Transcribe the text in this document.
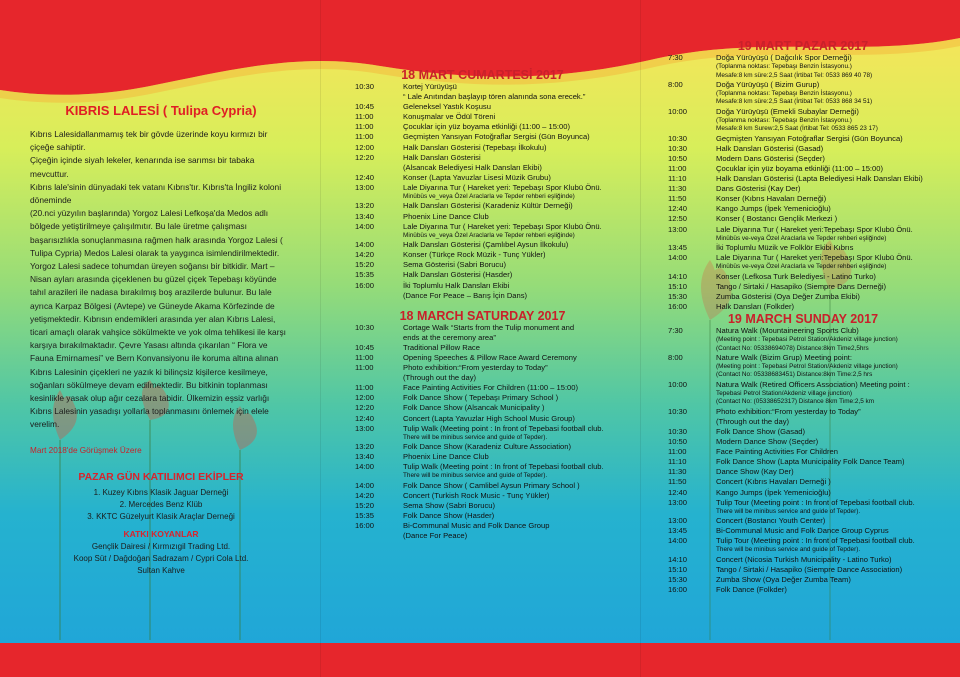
KIBRIS LALESİ ( Tulipa Cypria)

Kıbrıs Lalesidallanmamış tek bir gövde üzerinde koyu kırmızı bir çiçeğe sahiptir.

Çiçeğin içinde siyah lekeler, kenarında ise sarımsı bir tabaka mevcuttur.

Kıbrıs lale'sinin dünyadaki tek vatanı Kıbrıs'tır. Kıbrıs'ta İngiliz koloni döneminde

(20.nci yüzyılın başlarında) Yorgoz Lalesi Lefkoşa'da Medos adlı bölgede yetiştirilmeye çalışılmıtır. Bu lale üretme çalışması başarısızlıkla sonuçlanmasına rağmen halk arasında Yorgoz Lalesi ( Tulipa Cypria) Medos Lalesi olarak ta yaygınca isimlendirilmektedir. Yorgoz Lalesi sadece tohumdan üreyen soğansı bir bitkidir. Mart – Nisan ayları arasında çiçeklenen bu güzel çiçek Tepebaşı köyünde tahıl arazileri ile nadasa bırakılmış boş arazilerde bulunur. Bu lale ayrıca Karpaz Bölgesi (Avtepe) ve Güneyde Akama Körfezinde de yetişmektedir. Kıbrısın endemikleri arasında yer alan Kıbrıs Lalesi, ticari amaçlı olarak vahşice sökülmekte ve yok olma tehlikesi ile karşı karşıya bırakılmaktadır. Çevre Yasası altında çıkarılan “ Flora ve Fauna Emirnamesi” ve Bern Konvansiyonu ile koruma altına alınan Kıbrıs Lalesinin çiçekleri ne yazık ki bilinçsiz kişilerce kesilmeye, soğanları sökülmeye devam edilmektedir. Bu bitkinin toplanması kesinlikle yasak olup ağır cezalara tabidir. Ülkemizin eşsiz varlığı Kıbrıs Lalesinin yasadışı yollarla toplanmasını önlemek için elele verelim.

Mart 2018'de Görüşmek Üzere

PAZAR GÜN KATILIMCI EKİPLER
1. Kuzey Kıbrıs Klasik Jaguar Derneği
2. Mercedes Benz Klüb
3. KKTC Güzelyurt Klasik Araçlar Derneği
KATKI KOYANLAR
Gençlik Dairesi / Kırmızıgil Trading Ltd.
Koop Süt / Dağdoğan Sadrazam / Cypri Cola Ltd.
Sultan Kahve
18 MART CUMARTESİ 2017
10:30	Kortej Yürüyüşü
“ Lale Anıtından başlayıp tören alanında sona erecek.”
10:45	Geleneksel Yastık Koşusu
11:00	Konuşmalar ve Ödül Töreni
11:00	Çocuklar için yüz boyama etkinliği (11:00 – 15:00)
11:00	Geçmişten Yansıyan Fotoğraflar Sergisi (Gün Boyunca)
12:00	Halk Dansları Gösterisi (Tepebaşı İlkokulu)
12:20	Halk Dansları Gösterisi
(Alsancak Belediyesi Halk Dansları Ekibi)
12:40	Konser (Lapta Yavuzlar Lisesi Müzik Grubu)
13:00	Lale Diyarına Tur ( Hareket yeri: Tepebaşı Spor Klubü Önü.
Minübüs ve_veya Özel Araclarla ve Tepder rehberi eşliğinde)
13:20	Halk Dansları Gösterisi (Karadeniz Kültür Derneği)
13:40	Phoenix Line Dance Club
14:00	Lale Diyarına Tur ( Hareket yeri: Tepebaşı Spor Klubü Önü.
Minübüs ve_veya Özel Araclarla ve Tepder rehberi eşliğinde)
14:00	Halk Dansları Gösterisi (Çamlıbel Aysun İlkokulu)
14:20	Konser (Türkçe Rock Müzik - Tunç Yükler)
15:20	Sema Gösterisi (Sabri Borucu)
15:35	Halk Dansları Gösterisi (Hasder)
16:00	İki Toplumlu Halk Dansları Ekibi
(Dance For Peace – Barış İçin Dans)
18 MARCH SATURDAY 2017
10:30	Cortage Walk “Starts from the Tulip monument and
ends at the ceremony area”
10:45	Traditional Pillow Race
11:00	Opening Speeches & Pillow Race Award Ceremony
11:00	Photo exhibition:“From yesterday to Today”
(Through out the day)
11:00	Face Painting Activities For Children (11:00 – 15:00)
12:00	Folk Dance Show ( Tepebaşı Primary School )
12:20	Folk Dance Show (Alsancak Municipality )
12:40	Concert (Lapta Yavuzlar High School Music Group)
13:00	Tulip Walk (Meeting point : In front of Tepebasi football club.
There will be minibus service and guide of Tepder).
13:20	Folk Dance Show (Karadeniz Culture Association)
13:40	Phoenix Line Dance Club
14:00	Tulip Walk (Meeting point : In front of Tepebasi football club.
There will be minibus service and guide of Tepder).
14:00	Folk Dance Show ( Camlibel Aysun Primary School )
14:20	Concert (Turkish Rock Music - Tunç Yükler)
15:20	Sema Show (Sabri Borucu)
15:35	Folk Dance Show (Hasder)
16:00	Bi-Communal Music and Folk Dance Group
(Dance For Peace)
19 MART PAZAR 2017
7:30	Doğa Yürüyüşü ( Dağcılık Spor Derneği)
(Toplanma noktası: Tepebaşı Benzin İstasyonu.)
Mesafe:8 km süre:2,5 Saat (İrtibat Tel: 0533 869 40 78)
8:00	Doğa Yürüyüşü ( Bizim Gurup)
(Toplanma noktası: Tepebaşı Benzin İstasyonu.)
Mesafe:8 km süre:2,5 Saat (İrtibat Tel: 0533 868 34 51)
10:00	Doğa Yürüyüşü (Emekli Subaylar Derneği)
(Toplanma noktası: Tepebaşı Benzin İstasyonu.)
Mesafe:8 km Surew:2,5 Saat (İrtibat Tel: 0533 865 23 17)
10:30	Geçmişten Yansıyan Fotoğraflar Sergisi (Gün Boyunca)
10:30	Halk Dansları Gösterisi (Gasad)
10:50	Modern Dans Gösterisi (Seçder)
11:00	Çocuklar için yüz boyama etkinliği (11:00 – 15:00)
11:10	Halk Dansları Gösterisi (Lapta Belediyesi Halk Dansları Ekibi)
11:30	Dans Gösterisi (Kay Der)
11:50	Konser (Kıbrıs Havaları Derneği)
12:40	Kango Jumps (İpek Yemenicioğlu)
12:50	Konser ( Bostancı Gençlik Merkezi )
13:00	Lale Diyarına Tur ( Hareket yeri:Tepebaşı Spor Klubü Önü.
Minübüs ve-veya Özel Araclarla ve Tepder rehberi eşliğinde)
13:45	İki Toplumlu Müzik ve Folklör Ekibi Kıbrıs
14:00	Lale Diyarına Tur ( Hareket yeri:Tepebaşı Spor Klubü Önü.
Minübüs ve-veya Özel Araclarla ve Tepder rehberi eşliğinde)
14:10	Konser (Lefkosa Turk Belediyesi - Latino Turko)
15:10	Tango / Sirtaki / Hasapiko (Siempre Dans Derneği)
15:30	Zumba Gösterisi (Oya Değer Zumba Ekibi)
16:00	Halk Dansları (Folkder)
19 MARCH SUNDAY 2017
7:30	Natura Walk (Mountaineering Sports Club)
(Meeting point : Tepebasi Petrol Station/Akdeniz village junction)
(Contact No: 05338694078) Distance:8km Time2,5hrs
8:00	Nature Walk (Bizim Grup) Meeting point:
(Meeting point : Tepebasi Petrol Station/Akdeniz village junction)
(Contact No: 05338683451) Distance:8km Time:2,5 hrs
10:00	Natura Walk (Retired Officers Association) Meeting point :
Tepebasi Petrol Station/Akdeniz village junction)
(Contact No: (05338652317) Distance 8km Time:2,5 km
10:30	Photo exhibition:“From yesterday to Today”
(Through out the day)
10:30	Folk Dance Show (Gasad)
10:50	Modern Dance Show (Seçder)
11:00	Face Painting Activities For Children
11:10	Folk Dance Show (Lapta Municipality Folk Dance Team)
11:30	Dance Show (Kay Der)
11:50	Concert (Kıbrıs Havaları Derneği )
12:40	Kango Jumps (İpek Yemenicioğlu)
13:00	Tulip Tour (Meeting point : In front of Tepebasi football club.
There will be minibus service and guide of Tepder).
13:00	Concert (Bostancı Youth Center)
13:45	Bi-Communal Music and Folk Dance Group Cyprus
14:00	Tulip Tour (Meeting point : In front of Tepebasi football club.
There will be minibus service and guide of Tepder).
14:10	Concert (Nicosia Turkish Municipality - Latino Turko)
15:10	Tango / Sirtaki / Hasapiko (Siempre Dance Association)
15:30	Zumba Show (Oya Değer Zumba Team)
16:00	Folk Dance (Folkder)
